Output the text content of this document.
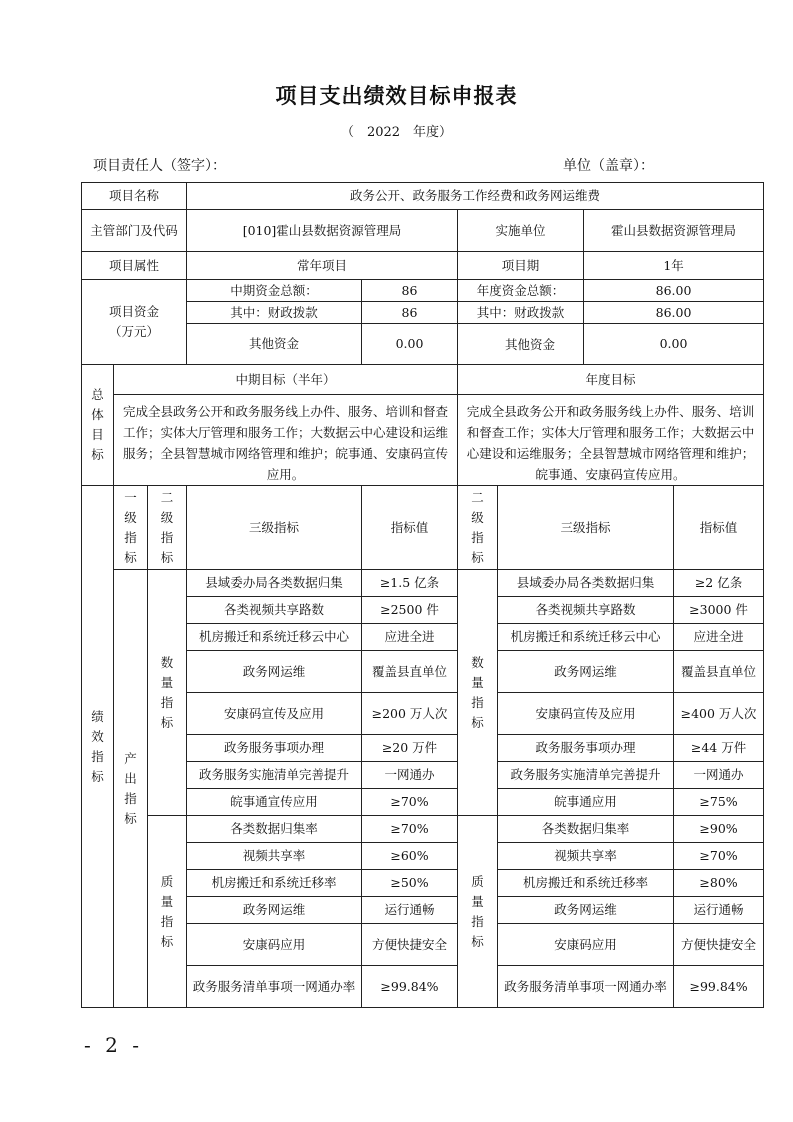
项目支出绩效目标申报表
（　2022　年度）
项目责任人（签字）：	单位（盖章）：
项目名称			政务公开、政务服务工作经费和政务网运维费					
主管部门及代码			[010]霍山县数据资源管理局		实施单位		霍山县数据资源管理局	
项目属性			常年项目		项目期		1年	
项目资金
（万元）			中期资金总额：	86	年度资金总额：		86.00	
			其中：财政拨款	86	其中：财政拨款		86.00	
			其他资金	0.00	其他资金		0.00	

总体目标	中期目标（半年）				年度目标			
	完成全县政务公开和政务服务线上办件、服务、培训和督查工作；实体大厅管理和服务工作；大数据云中心建设和运维服务；全县智慧城市网络管理和维护；皖事通、安康码宣传应用。				完成全县政务公开和政务服务线上办件、服务、培训和督查工作；实体大厅管理和服务工作；大数据云中心建设和运维服务；全县智慧城市网络管理和维护；皖事通、安康码宣传应用。			

绩效指标	一级指标	二级指标	三级指标	指标值	二级指标	三级指标		指标值

	产出指标	数量指标	县域委办局各类数据归集	≥1.5 亿条	数量指标	县域委办局各类数据归集		≥2 亿条
			各类视频共享路数	≥2500 件		各类视频共享路数		≥3000 件
			机房搬迁和系统迁移云中心	应进全进		机房搬迁和系统迁移云中心		应进全进
			政务网运维	覆盖县直单位		政务网运维		覆盖县直单位
			安康码宣传及应用	≥200 万人次		安康码宣传及应用		≥400 万人次
			政务服务事项办理	≥20 万件		政务服务事项办理		≥44 万件
			政务服务实施清单完善提升	一网通办		政务服务实施清单完善提升		一网通办
			皖事通宣传应用	≥70%		皖事通应用		≥75%

		质量指标	各类数据归集率	≥70%	质量指标	各类数据归集率		≥90%
			视频共享率	≥60%		视频共享率		≥70%
			机房搬迁和系统迁移率	≥50%		机房搬迁和系统迁移率		≥80%
			政务网运维	运行通畅		政务网运维		运行通畅
			安康码应用	方便快捷安全		安康码应用		方便快捷安全
			政务服务清单事项一网通办率	≥99.84%		政务服务清单事项一网通办率		≥99.84%
- 2 -
